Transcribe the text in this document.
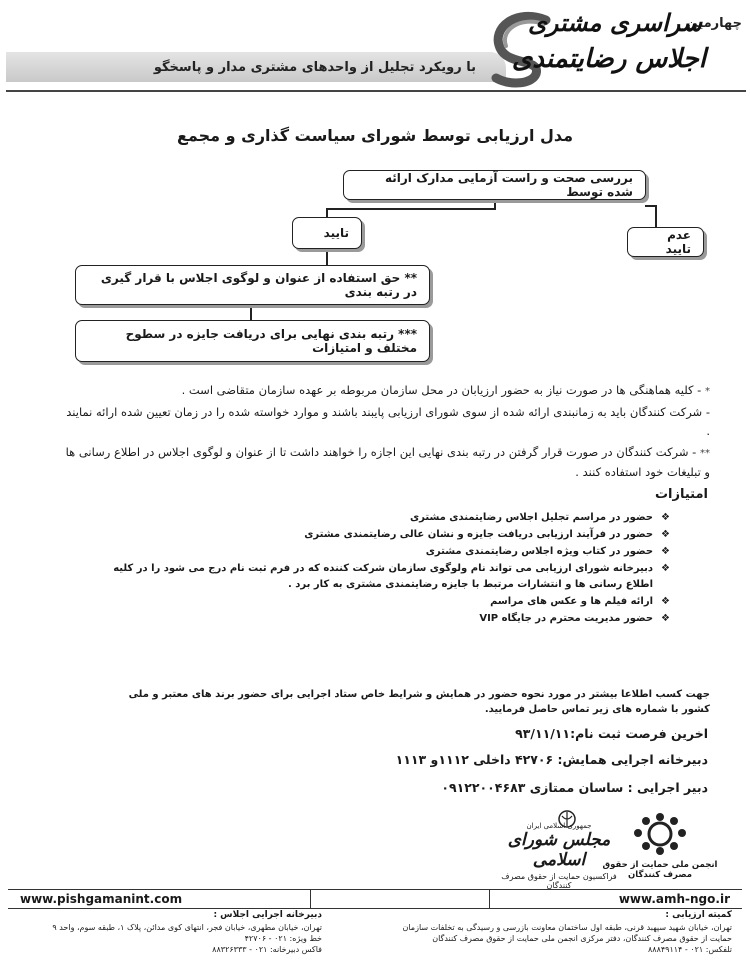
با رویکرد تجلیل از واحدهای مشتری مدار و پاسخگو
چهارمین
سراسری مشتری
اجلاس رضایتمندی
مدل ارزیابی توسط شورای سیاست گذاری و مجمع
بررسی صحت و راست آزمایی مدارک ارائه شده توسط
تایید	عدم تایید
** حق استفاده از عنوان و لوگوی اجلاس با قرار گیری در رتبه بندی
*** رتبه بندی نهایی برای دریافت جایزه در سطوح مختلف و امتیازات

* - کلیه هماهنگی ها در صورت نیاز به حضور ارزیابان در محل سازمان مربوطه بر عهده سازمان متقاضی است .

- شرکت کنندگان باید به زمانبندی ارائه شده از سوی شورای ارزیابی پایبند باشند و موارد خواسته شده را در زمان تعیین شده ارائه نمایند .

** - شرکت کنندگان در صورت قرار گرفتن در رتبه بندی نهایی این اجازه را خواهند داشت تا از عنوان و لوگوی اجلاس در اطلاع رسانی ها و تبلیغات خود استفاده کنند .

امتیازات
❖
حضور در مراسم تجلیل اجلاس رضایتمندی مشتری
❖
حضور در فرآیند ارزیابی دریافت جایزه و نشان عالی رضایتمندی مشتری
❖
حضور در کتاب ویژه اجلاس رضایتمندی مشتری
❖
دبیرخانه شورای ارزیابی می تواند نام ولوگوی سازمان شرکت کننده که در فرم ثبت نام درج می شود را در کلیه اطلاع رسانی ها و انتشارات مرتبط با جایزه رضایتمندی مشتری به کار برد .
❖
ارائه فیلم ها و عکس های مراسم
❖
حضور مدیریت محترم در جایگاه VIP
جهت کسب اطلاعا بیشتر در مورد نحوه حضور در همایش و شرایط خاص ستاد اجرایی برای حضور برند های معتبر و ملی کشور با شماره های زیر تماس حاصل فرمایید.
اخرین فرصت ثبت نام:۹۳/۱۱/۱۱
دبیرخانه اجرایی همایش: ۴۲۷۰۶ داخلی ۱۱۱۲و ۱۱۱۳
دبیر اجرایی : ساسان ممتازی ۰۹۱۲۲۰۰۴۶۸۳
جمهوری اسلامی ایران
مجلس شورای اسلامی
فراکسیون حمایت از حقوق مصرف کنندگان
انجمن ملی حمایت از حقوق مصرف کنندگان
www.pishgamanint.com	www.amh-ngo.ir
کمیته ارزیابی :
تهران، خیابان شهید سپهبد قرنی، طبقه اول ساختمان معاونت بازرسی و رسیدگی به تخلفات سازمان
حمایت از حقوق مصرف کنندگان، دفتر مرکزی انجمن ملی حمایت از حقوق مصرف کنندگان
تلفکس: ۰۲۱ - ۸۸۸۴۹۱۱۴
دبیرخانه اجرایی اجلاس :
تهران، خیابان مطهری، خیابان فجر، انتهای کوی مدائن، پلاک ۱، طبقه سوم، واحد ۹
خط ویژه: ۰۲۱ - ۴۲۷۰۶
فاکس دبیرخانه: ۰۲۱ - ۸۸۳۲۶۳۳۳
